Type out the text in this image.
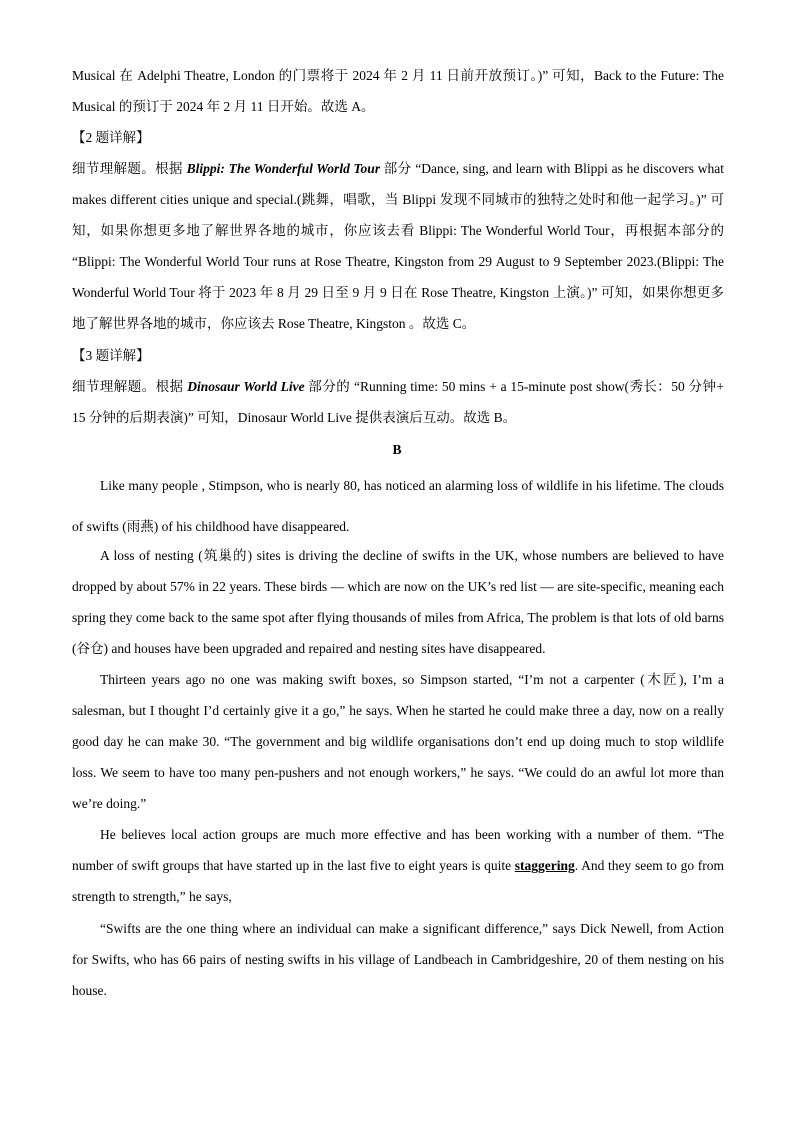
Musical 在 Adelphi Theatre, London 的门票将于 2024 年 2 月 11 日前开放预订。)” 可知，Back to the Future: The Musical 的预订于 2024 年 2 月 11 日开始。故选 A。

【2 题详解】

细节理解题。根据 Blippi: The Wonderful World Tour 部分 “Dance, sing, and learn with Blippi as he discovers what makes different cities unique and special.(跳舞，唱歌，当 Blippi 发现不同城市的独特之处时和他一起学习。)” 可知，如果你想更多地了解世界各地的城市，你应该去看 Blippi: The Wonderful World Tour，再根据本部分的 “Blippi: The Wonderful World Tour runs at Rose Theatre, Kingston from 29 August to 9 September 2023.(Blippi: The Wonderful World Tour 将于 2023 年 8 月 29 日至 9 月 9 日在 Rose Theatre, Kingston 上演。)” 可知，如果你想更多地了解世界各地的城市，你应该去 Rose Theatre, Kingston 。故选 C。

【3 题详解】

细节理解题。根据 Dinosaur World Live 部分的 “Running time: 50 mins + a 15-minute post show(秀长：50 分钟+ 15 分钟的后期表演)” 可知，Dinosaur World Live 提供表演后互动。故选 B。

B

Like many people , Stimpson, who is nearly 80, has noticed an alarming loss of wildlife in his lifetime. The clouds of swifts (雨燕) of his childhood have disappeared.

A loss of nesting (筑巢的) sites is driving the decline of swifts in the UK, whose numbers are believed to have dropped by about 57% in 22 years. These birds — which are now on the UK’s red list — are site-specific, meaning each spring they come back to the same spot after flying thousands of miles from Africa, The problem is that lots of old barns (谷仓) and houses have been upgraded and repaired and nesting sites have disappeared.

Thirteen years ago no one was making swift boxes, so Simpson started, “I’m not a carpenter (木匠), I’m a salesman, but I thought I’d certainly give it a go,” he says. When he started he could make three a day, now on a really good day he can make 30. “The government and big wildlife organisations don’t end up doing much to stop wildlife loss. We seem to have too many pen-pushers and not enough workers,” he says. “We could do an awful lot more than we’re doing.”

He believes local action groups are much more effective and has been working with a number of them. “The number of swift groups that have started up in the last five to eight years is quite staggering. And they seem to go from strength to strength,” he says,

“Swifts are the one thing where an individual can make a significant difference,” says Dick Newell, from Action for Swifts, who has 66 pairs of nesting swifts in his village of Landbeach in Cambridgeshire, 20 of them nesting on his house.
